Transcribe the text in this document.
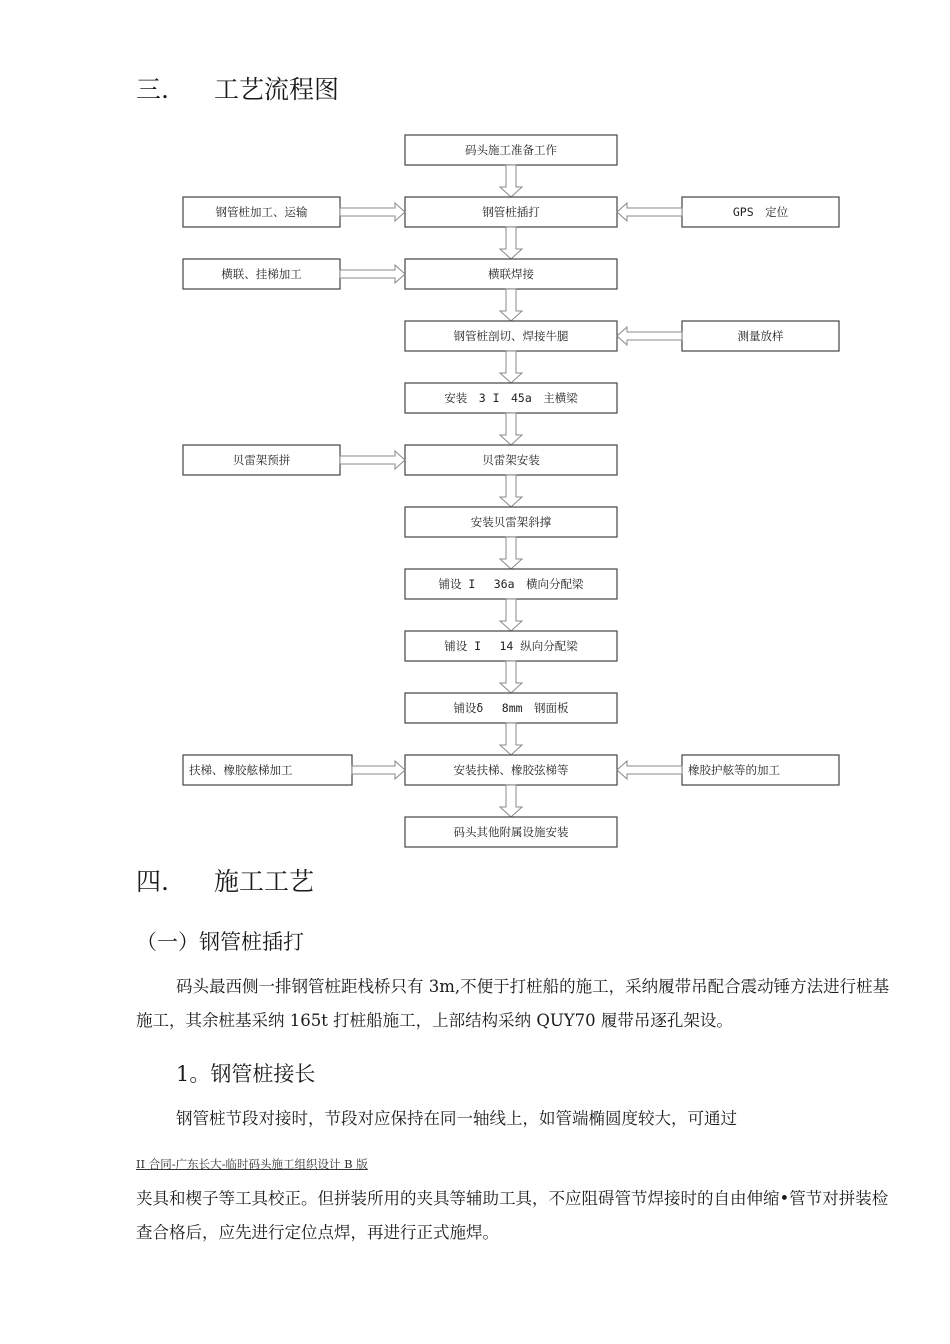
三. 工艺流程图
码头施工准备工作
钢管桩插打
横联焊接
钢管桩剖切、焊接牛腿
安装　3 I　45a　主横梁
贝雷架安装
安装贝雷架斜撑
铺设 I　 36a　横向分配梁
铺设 I　 14 纵向分配梁
铺设δ　 8mm　钢面板
安装扶梯、橡胶弦梯等
码头其他附属设施安装
钢管桩加工、运输
横联、挂梯加工
贝雷架预拼
扶梯、橡胶舷梯加工
GPS　定位
测量放样
橡胶护舷等的加工
四. 施工工艺
（一）钢管桩插打

码头最西侧一排钢管桩距栈桥只有 3m,不便于打桩船的施工，采纳履带吊配合震动锤方法进行桩基施工，其余桩基采纳 165t 打桩船施工，上部结构采纳 QUY70 履带吊逐孔架设。

1。钢管桩接长

钢管桩节段对接时，节段对应保持在同一轴线上，如管端椭圆度较大，可通过

II 合同-广东长大-临时码头施工组织设计 B 版

夹具和楔子等工具校正。但拼装所用的夹具等辅助工具，不应阻碍管节焊接时的自由伸缩•管节对拼装检查合格后，应先进行定位点焊，再进行正式施焊。
